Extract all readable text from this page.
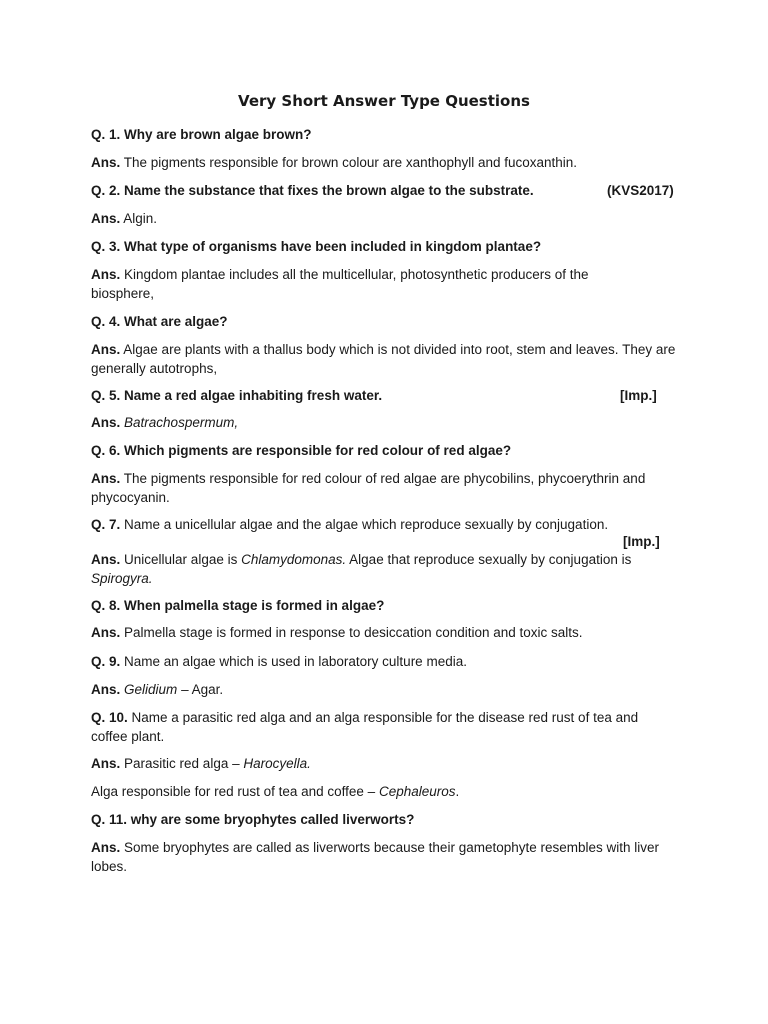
Very Short Answer Type Questions
Q. 1. Why are brown algae brown?
Ans. The pigments responsible for brown colour are xanthophyll and fucoxanthin.
Q. 2. Name the substance that fixes the brown algae to the substrate.	(KVS2017)
Ans. Algin.
Q. 3. What type of organisms have been included in kingdom plantae?
Ans. Kingdom plantae includes all the multicellular, photosynthetic producers of the biosphere,
Q. 4. What are algae?
Ans. Algae are plants with a thallus body which is not divided into root, stem and leaves. They are generally autotrophs,
Q. 5. Name a red algae inhabiting fresh water.	[Imp.]
Ans. Batrachospermum,
Q. 6. Which pigments are responsible for red colour of red algae?
Ans. The pigments responsible for red colour of red algae are phycobilins, phycoerythrin and phycocyanin.
Q. 7. Name a unicellular algae and the algae which reproduce sexually by conjugation.
[Imp.]
Ans. Unicellular algae is Chlamydomonas. Algae that reproduce sexually by conjugation is Spirogyra.
Q. 8. When palmella stage is formed in algae?
Ans. Palmella stage is formed in response to desiccation condition and toxic salts.
Q. 9. Name an algae which is used in laboratory culture media.
Ans. Gelidium – Agar.
Q. 10. Name a parasitic red alga and an alga responsible for the disease red rust of tea and coffee plant.
Ans. Parasitic red alga – Harocyella.
Alga responsible for red rust of tea and coffee – Cephaleuros.
Q. 11. why are some bryophytes called liverworts?
Ans. Some bryophytes are called as liverworts because their gametophyte resembles with liver lobes.
